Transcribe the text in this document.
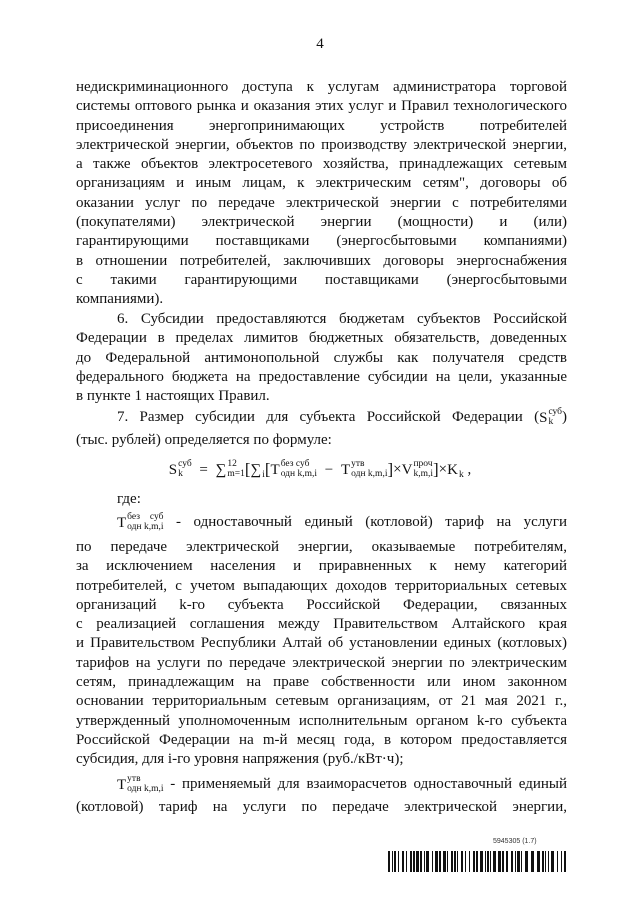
4
недискриминационного доступа к услугам администратора торговой
системы оптового рынка и оказания этих услуг и Правил технологического
присоединения энергопринимающих устройств потребителей
электрической энергии, объектов по производству электрической энергии,
а также объектов электросетевого хозяйства, принадлежащих сетевым
организациям и иным лицам, к электрическим сетям", договоры об
оказании услуг по передаче электрической энергии с потребителями
(покупателями) электрической энергии (мощности) и (или)
гарантирующими поставщиками (энергосбытовыми компаниями)
в отношении потребителей, заключивших договоры энергоснабжения
с такими гарантирующими поставщиками (энергосбытовыми
компаниями).
6. Субсидии предоставляются бюджетам субъектов Российской
Федерации в пределах лимитов бюджетных обязательств, доведенных
до Федеральной антимонопольной службы как получателя средств
федерального бюджета на предоставление субсидии на цели, указанные
в пункте 1 настоящих Правил.
7. Размер субсидии для субъекта Российской Федерации ( S суб
k )
(тыс. рублей) определяется по формуле:
S суб
k	= ∑ 12
m=1 [ ∑ i [ T без суб
одн k,m,i − T утв
одн k,m,i ]× V проч
k,m,i ]× K k ,
где:
T без суб
одн k,m,i - одноставочный единый (котловой) тариф на услуги
по передаче электрической энергии, оказываемые потребителям,
за исключением населения и приравненных к нему категорий
потребителей, с учетом выпадающих доходов территориальных сетевых
организаций k-го субъекта Российской Федерации, связанных
с реализацией соглашения между Правительством Алтайского края
и Правительством Республики Алтай об установлении единых (котловых)
тарифов на услуги по передаче электрической энергии по электрическим
сетям, принадлежащим на праве собственности или ином законном
основании территориальным сетевым организациям, от 21 мая 2021 г.,
утвержденный уполномоченным исполнительным органом k-го субъекта
Российской Федерации на m-й месяц года, в котором предоставляется
субсидия, для i-го уровня напряжения (руб./кВт·ч);
T утв
одн k,m,i - применяемый для взаиморасчетов одноставочный единый
(котловой) тариф на услуги по передаче электрической энергии,
5945305 (1.7)
